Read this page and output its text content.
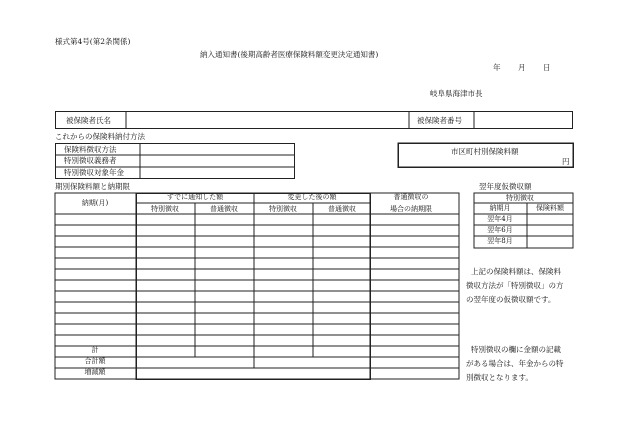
様式第4号(第2条関係)
納入通知書(後期高齢者医療保険料額変更決定通知書)
年 月 日
岐阜県海津市長
被保険者氏名	被保険者番号
これからの保険料納付方法
保険料徴収方法
特別徴収義務者
特別徴収対象年金
市区町村別保険料額
円
期別保険料額と納期限
納期(月)
すでに通知した額	変更した後の額
特別徴収	普通徴収	特別徴収	普通徴収
普通徴収の
場合の納期限
計
合計額
増減額
翌年度仮徴収額
特別徴収
納期月	保険料額
翌年4月
翌年6月
翌年8月
上記の保険料額は、保険料
徴収方法が「特別徴収」の方
の翌年度の仮徴収額です。
特別徴収の欄に金額の記載
がある場合は、年金からの特
別徴収となります。
